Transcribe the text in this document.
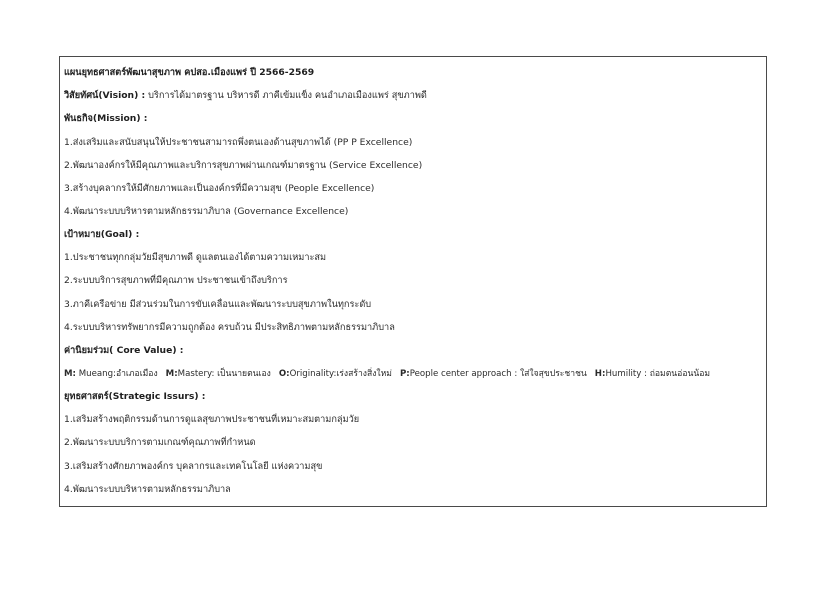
แผนยุทธศาสตร์พัฒนาสุขภาพ คปสอ.เมืองแพร่ ปี 2566-2569
วิสัยทัศน์(Vision) : บริการได้มาตรฐาน บริหารดี ภาคีเข้มแข็ง คนอำเภอเมืองแพร่ สุขภาพดี
พันธกิจ(Mission) :
1.ส่งเสริมและสนับสนุนให้ประชาชนสามารถพึ่งตนเองด้านสุขภาพได้ (PP P Excellence)
2.พัฒนาองค์กรให้มีคุณภาพและบริการสุขภาพผ่านเกณฑ์มาตรฐาน (Service Excellence)
3.สร้างบุคลากรให้มีศักยภาพและเป็นองค์กรที่มีความสุข (People Excellence)
4.พัฒนาระบบบริหารตามหลักธรรมาภิบาล (Governance Excellence)
เป้าหมาย(Goal) :
1.ประชาชนทุกกลุ่มวัยมีสุขภาพดี ดูแลตนเองได้ตามความเหมาะสม
2.ระบบบริการสุขภาพที่มีคุณภาพ ประชาชนเข้าถึงบริการ
3.ภาคีเครือข่าย มีส่วนร่วมในการขับเคลื่อนและพัฒนาระบบสุขภาพในทุกระดับ
4.ระบบบริหารทรัพยากรมีความถูกต้อง ครบถ้วน มีประสิทธิภาพตามหลักธรรมาภิบาล
ค่านิยมร่วม( Core Value) :
M: Mueang:อำเภอเมือง M:Mastery: เป็นนายตนเอง O:Originality:เร่งสร้างสิ่งใหม่ P:People center approach : ใส่ใจสุขประชาชน H:Humility : ถ่อมตนอ่อนน้อม
ยุทธศาสตร์(Strategic Issurs) :
1.เสริมสร้างพฤติกรรมด้านการดูแลสุขภาพประชาชนที่เหมาะสมตามกลุ่มวัย
2.พัฒนาระบบบริการตามเกณฑ์คุณภาพที่กำหนด
3.เสริมสร้างศักยภาพองค์กร บุคลากรและเทคโนโลยี แห่งความสุข
4.พัฒนาระบบบริหารตามหลักธรรมาภิบาล
